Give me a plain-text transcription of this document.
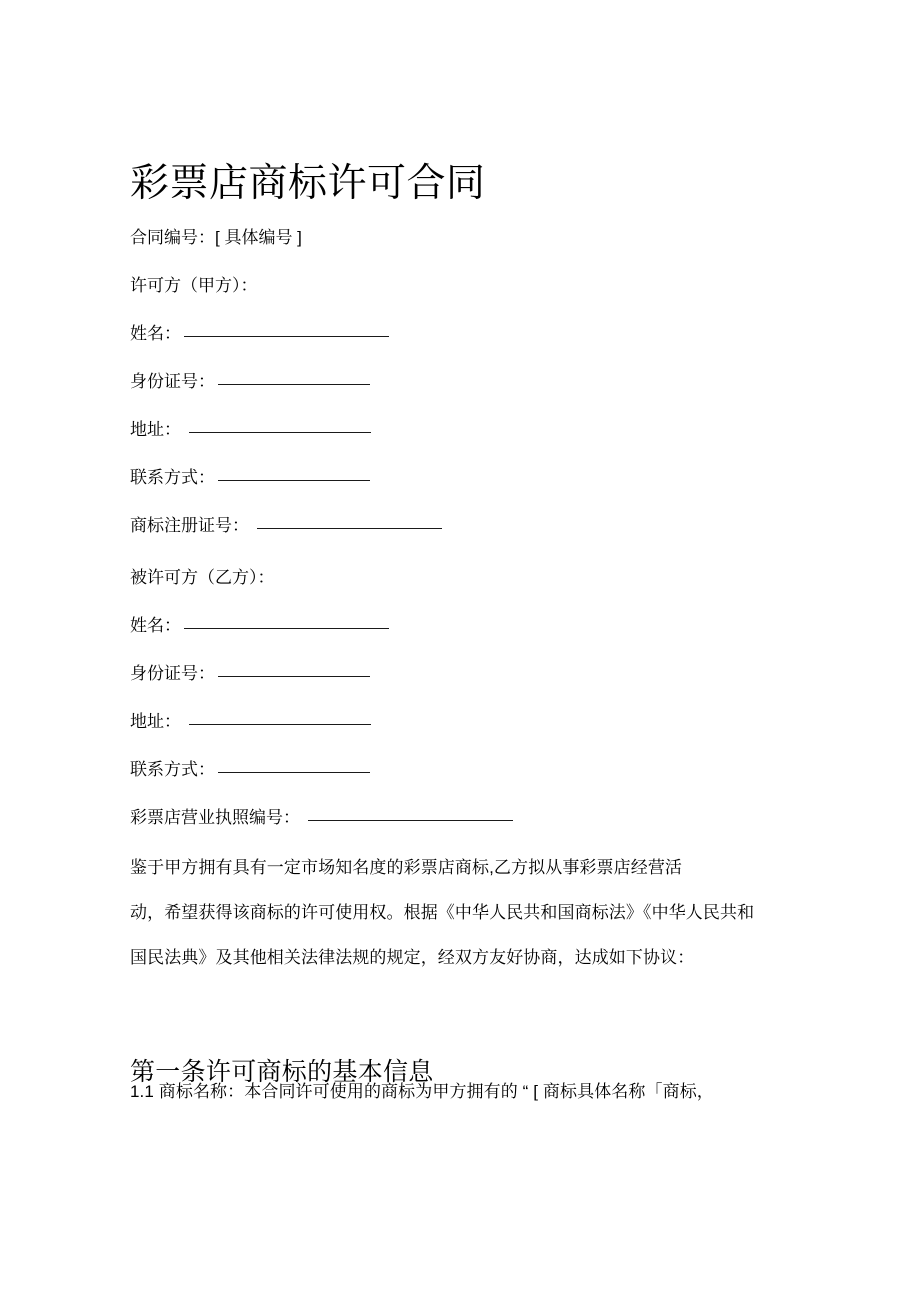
彩票店商标许可合同
合同编号：[ 具体编号 ]
许可方（甲方）：
姓名：
身份证号：
地址：
联系方式：
商标注册证号：
被许可方（乙方）：
姓名：
身份证号：
地址：
联系方式：
彩票店营业执照编号：
鉴于甲方拥有具有一定市场知名度的彩票店商标,乙方拟从事彩票店经营活
动，希望获得该商标的许可使用权。根据《中华人民共和国商标法》《中华人民共和
国民法典》及其他相关法律法规的规定，经双方友好协商，达成如下协议：
第一条许可商标的基本信息
1.1 商标名称：本合同许可使用的商标为甲方拥有的 “ [ 商标具体名称「商标，
